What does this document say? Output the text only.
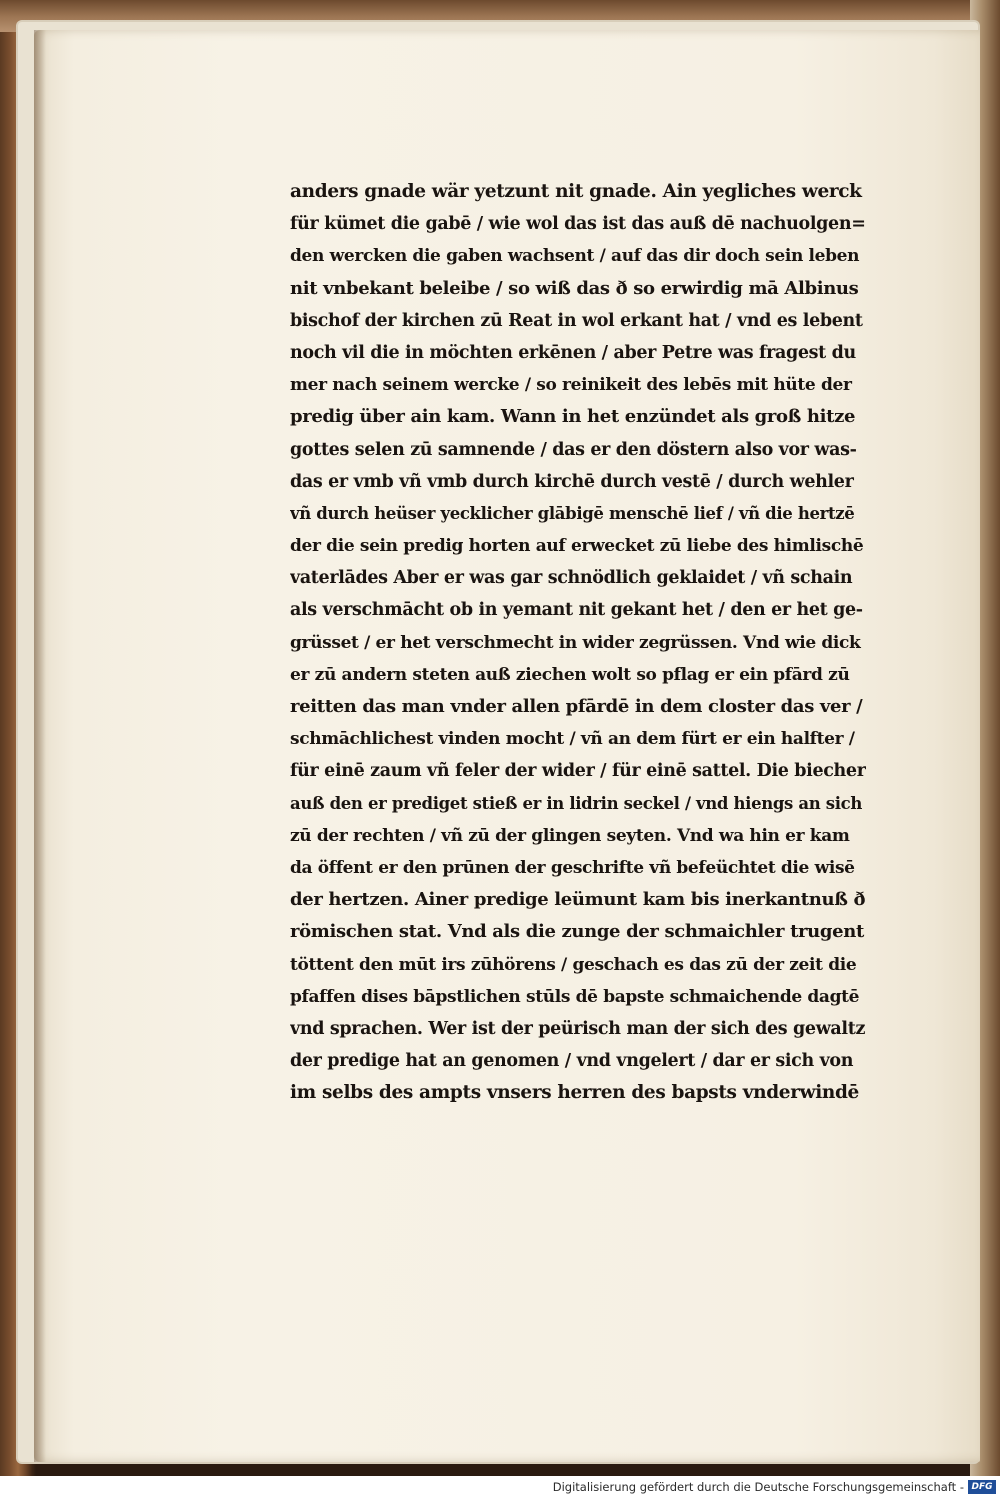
anders gnade wär yetzunt nit gnade. Ain yegliches werck
für kümet die gabē / wie wol das ist das auß dē nachuolgen=
den wercken die gaben wachsent / auf das dir doch sein leben
nit vnbekant beleibe / so wiß das ð so erwirdig mā Albinus
bischof der kirchen zū Reat in wol erkant hat / vnd es lebent
noch vil die in möchten erkēnen / aber Petre was fragest du
mer nach seinem wercke / so reinikeit des lebēs mit hüte der
predig über ain kam. Wann in het enzündet als groß hitze
gottes selen zū samnende / das er den döstern also vor was-
das er vmb vñ vmb durch kirchē durch vestē / durch wehler
vñ durch heüser yecklicher glābigē menschē lief / vñ die hertzē
der die sein predig horten auf erwecket zū liebe des himlischē
vaterlādes Aber er was gar schnödlich geklaidet / vñ schain
als verschmācht ob in yemant nit gekant het / den er het ge-
grüsset / er het verschmecht in wider zegrüssen. Vnd wie dick
er zū andern steten auß ziechen wolt so pflag er ein pfārd zū
reitten das man vnder allen pfārdē in dem closter das ver /
schmāchlichest vinden mocht / vñ an dem fürt er ein halfter /
für einē zaum vñ feler der wider / für einē sattel. Die biecher
auß den er prediget stieß er in lidrin seckel / vnd hiengs an sich
zū der rechten / vñ zū der glingen seyten. Vnd wa hin er kam
da öffent er den prūnen der geschrifte vñ befeüchtet die wisē
der hertzen. Ainer predige leümunt kam bis inerkantnuß ð
römischen stat. Vnd als die zunge der schmaichler trugent
töttent den mūt irs zūhörens / geschach es das zū der zeit die
pfaffen dises bāpstlichen stūls dē bapste schmaichende dagtē
vnd sprachen. Wer ist der peürisch man der sich des gewaltz
der predige hat an genomen / vnd vngelert / dar er sich von
im selbs des ampts vnsers herren des bapsts vnderwindē
Digitalisierung gefördert durch die Deutsche Forschungsgemeinschaft - DFG
